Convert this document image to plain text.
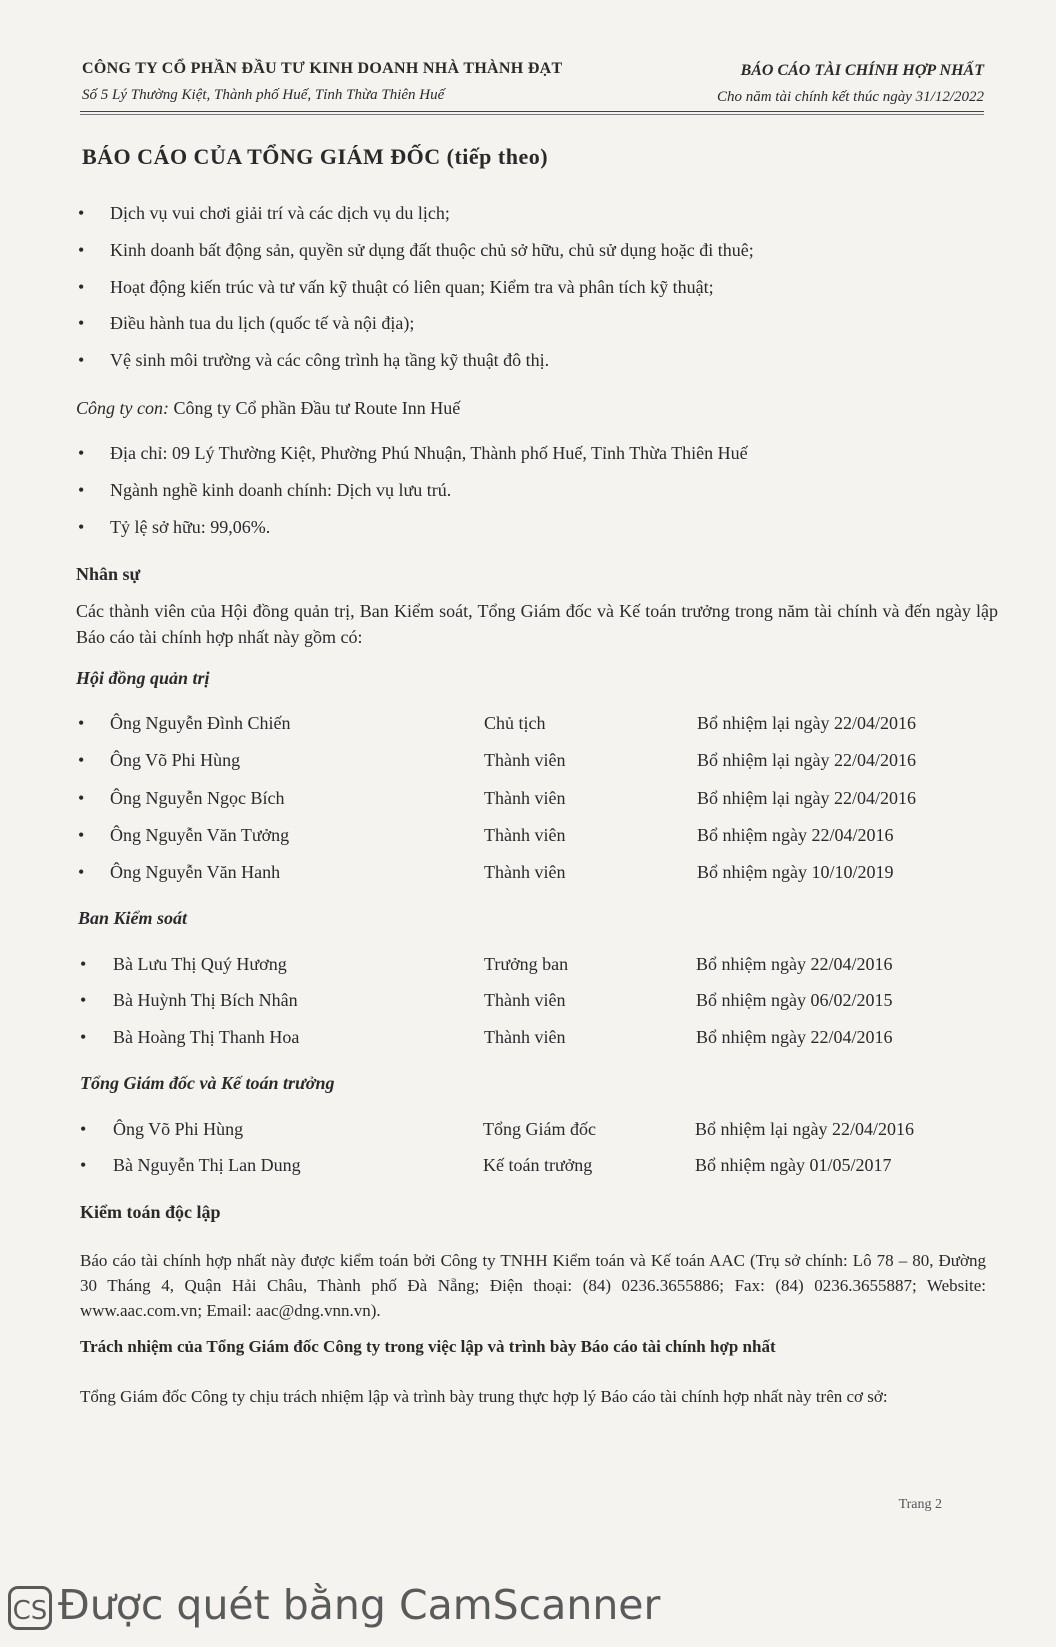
CÔNG TY CỔ PHẦN ĐẦU TƯ KINH DOANH NHÀ THÀNH ĐẠT
Số 5 Lý Thường Kiệt, Thành phố Huế, Tỉnh Thừa Thiên Huế
BÁO CÁO TÀI CHÍNH HỢP NHẤT
Cho năm tài chính kết thúc ngày 31/12/2022
BÁO CÁO CỦA TỔNG GIÁM ĐỐC (tiếp theo)
• Dịch vụ vui chơi giải trí và các dịch vụ du lịch;
• Kinh doanh bất động sản, quyền sử dụng đất thuộc chủ sở hữu, chủ sử dụng hoặc đi thuê;
• Hoạt động kiến trúc và tư vấn kỹ thuật có liên quan; Kiểm tra và phân tích kỹ thuật;
• Điều hành tua du lịch (quốc tế và nội địa);
• Vệ sinh môi trường và các công trình hạ tầng kỹ thuật đô thị.
Công ty con: Công ty Cổ phần Đầu tư Route Inn Huế
• Địa chỉ: 09 Lý Thường Kiệt, Phường Phú Nhuận, Thành phố Huế, Tỉnh Thừa Thiên Huế
• Ngành nghề kinh doanh chính: Dịch vụ lưu trú.
• Tỷ lệ sở hữu: 99,06%.
Nhân sự
Các thành viên của Hội đồng quản trị, Ban Kiểm soát, Tổng Giám đốc và Kế toán trưởng trong năm tài chính và đến ngày lập Báo cáo tài chính hợp nhất này gồm có:
Hội đồng quản trị
• Ông Nguyễn Đình Chiến	Chủ tịch	Bổ nhiệm lại ngày 22/04/2016
• Ông Võ Phi Hùng	Thành viên	Bổ nhiệm lại ngày 22/04/2016
• Ông Nguyễn Ngọc Bích	Thành viên	Bổ nhiệm lại ngày 22/04/2016
• Ông Nguyễn Văn Tưởng	Thành viên	Bổ nhiệm ngày 22/04/2016
• Ông Nguyễn Văn Hanh	Thành viên	Bổ nhiệm ngày 10/10/2019
Ban Kiểm soát
• Bà Lưu Thị Quý Hương	Trưởng ban	Bổ nhiệm ngày 22/04/2016
• Bà Huỳnh Thị Bích Nhân	Thành viên	Bổ nhiệm ngày 06/02/2015
• Bà Hoàng Thị Thanh Hoa	Thành viên	Bổ nhiệm ngày 22/04/2016
Tổng Giám đốc và Kế toán trưởng
• Ông Võ Phi Hùng	Tổng Giám đốc	Bổ nhiệm lại ngày 22/04/2016
• Bà Nguyễn Thị Lan Dung	Kế toán trưởng	Bổ nhiệm ngày 01/05/2017
Kiểm toán độc lập
Báo cáo tài chính hợp nhất này được kiểm toán bởi Công ty TNHH Kiểm toán và Kế toán AAC (Trụ sở chính: Lô 78 – 80, Đường 30 Tháng 4, Quận Hải Châu, Thành phố Đà Nẵng; Điện thoại: (84) 0236.3655886; Fax: (84) 0236.3655887; Website: www.aac.com.vn; Email: aac@dng.vnn.vn).
Trách nhiệm của Tổng Giám đốc Công ty trong việc lập và trình bày Báo cáo tài chính hợp nhất
Tổng Giám đốc Công ty chịu trách nhiệm lập và trình bày trung thực hợp lý Báo cáo tài chính hợp nhất này trên cơ sở:
Trang 2
CS Được quét bằng CamScanner
